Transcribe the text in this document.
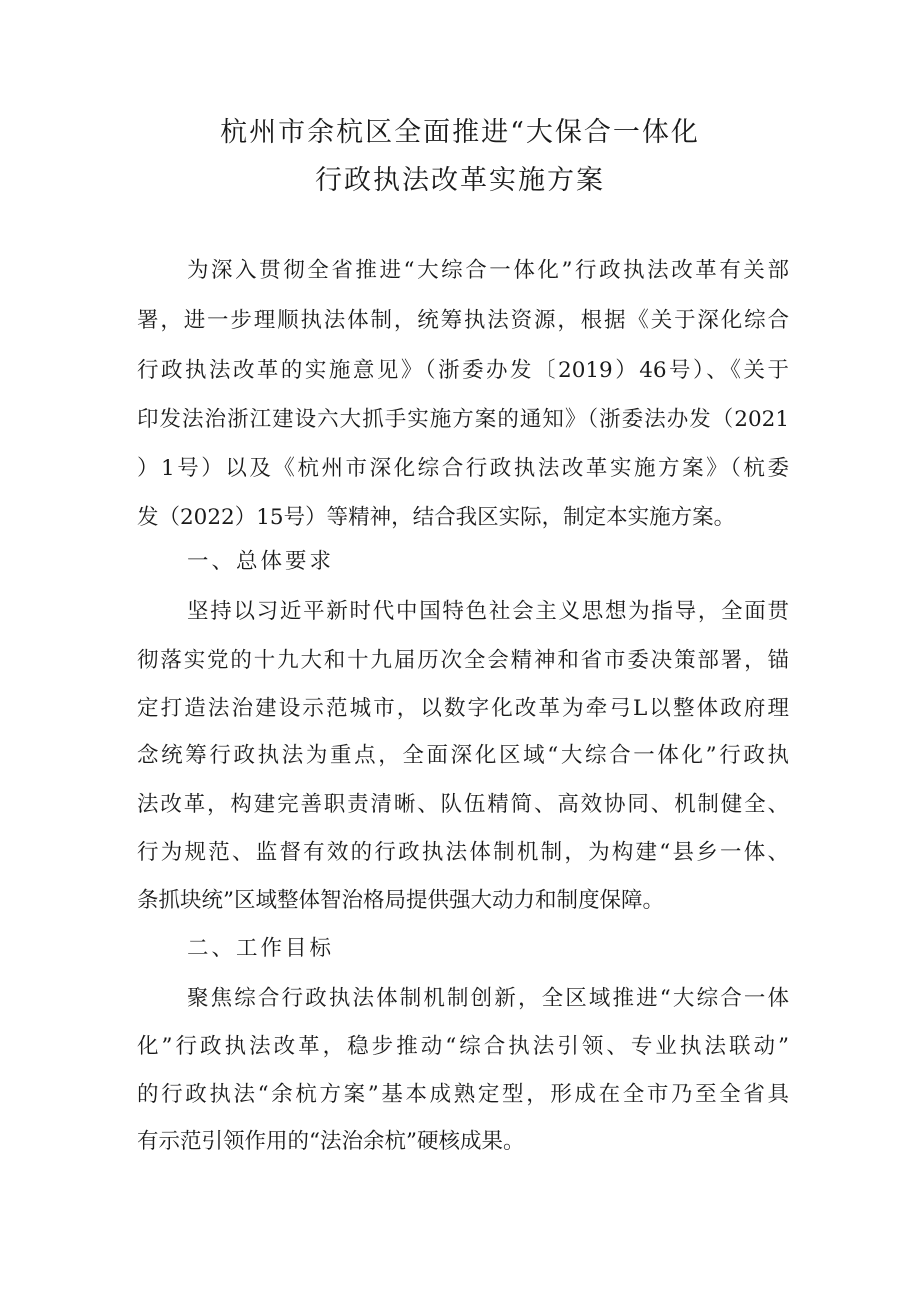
杭州市余杭区全面推进“大保合一体化
行政执法改革实施方案
为深入贯彻全省推进“大综合一体化”行政执法改革有关部
署，进一步理顺执法体制，统筹执法资源，根据《关于深化综合
行政执法改革的实施意见》（浙委办发〔2019）46号）、《关于
印发法治浙江建设六大抓手实施方案的通知》（浙委法办发（2021
）1号）以及《杭州市深化综合行政执法改革实施方案》（杭委
发（2022）15号）等精神，结合我区实际，制定本实施方案。
一、总体要求
坚持以习近平新时代中国特色社会主义思想为指导，全面贯
彻落实党的十九大和十九届历次全会精神和省市委决策部署，锚
定打造法治建设示范城市，以数字化改革为牵弓L以整体政府理
念统筹行政执法为重点，全面深化区域“大综合一体化”行政执
法改革，构建完善职责清晰、队伍精简、高效协同、机制健全、
行为规范、监督有效的行政执法体制机制，为构建“县乡一体、
条抓块统”区域整体智治格局提供强大动力和制度保障。
二、工作目标
聚焦综合行政执法体制机制创新，全区域推进“大综合一体
化”行政执法改革，稳步推动“综合执法引领、专业执法联动”
的行政执法“余杭方案”基本成熟定型，形成在全市乃至全省具
有示范引领作用的“法治余杭”硬核成果。
